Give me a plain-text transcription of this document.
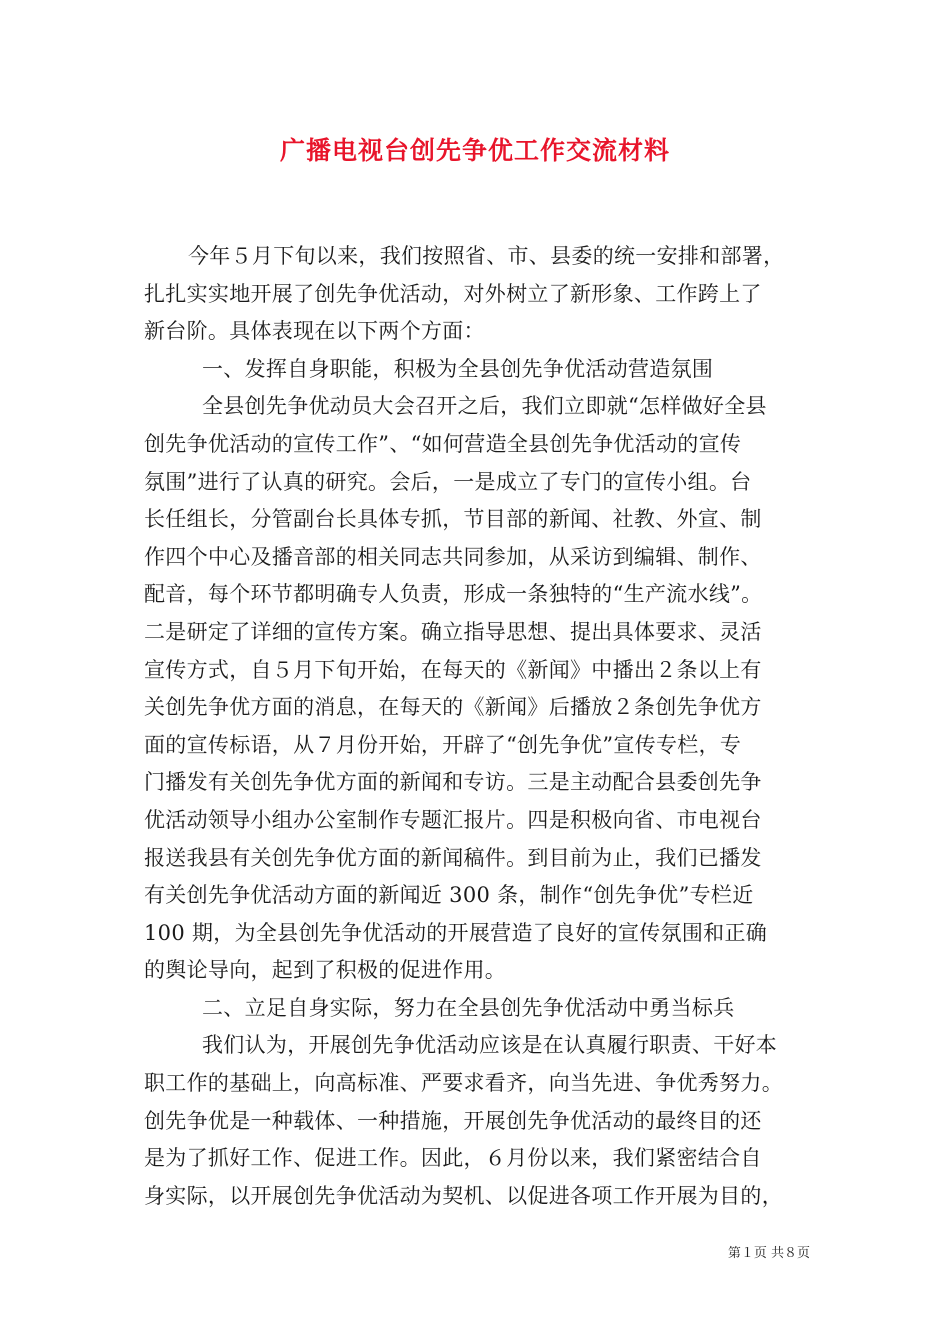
广播电视台创先争优工作交流材料
今年５月下旬以来，我们按照省、市、县委的统一安排和部署，
扎扎实实地开展了创先争优活动，对外树立了新形象、工作跨上了
新台阶。具体表现在以下两个方面：
一、发挥自身职能，积极为全县创先争优活动营造氛围
全县创先争优动员大会召开之后，我们立即就“怎样做好全县
创先争优活动的宣传工作”、“如何营造全县创先争优活动的宣传
氛围”进行了认真的研究。会后，一是成立了专门的宣传小组。台
长任组长，分管副台长具体专抓，节目部的新闻、社教、外宣、制
作四个中心及播音部的相关同志共同参加，从采访到编辑、制作、
配音，每个环节都明确专人负责，形成一条独特的“生产流水线”。
二是研定了详细的宣传方案。确立指导思想、提出具体要求、灵活
宣传方式，自５月下旬开始，在每天的《新闻》中播出２条以上有
关创先争优方面的消息，在每天的《新闻》后播放２条创先争优方
面的宣传标语，从７月份开始，开辟了“创先争优”宣传专栏，专
门播发有关创先争优方面的新闻和专访。三是主动配合县委创先争
优活动领导小组办公室制作专题汇报片。四是积极向省、市电视台
报送我县有关创先争优方面的新闻稿件。到目前为止，我们已播发
有关创先争优活动方面的新闻近 300 条，制作“创先争优”专栏近
100 期，为全县创先争优活动的开展营造了良好的宣传氛围和正确
的舆论导向，起到了积极的促进作用。
二、立足自身实际，努力在全县创先争优活动中勇当标兵
我们认为，开展创先争优活动应该是在认真履行职责、干好本
职工作的基础上，向高标准、严要求看齐，向当先进、争优秀努力。
创先争优是一种载体、一种措施，开展创先争优活动的最终目的还
是为了抓好工作、促进工作。因此，６月份以来，我们紧密结合自
身实际，以开展创先争优活动为契机、以促进各项工作开展为目的，
第１页 共８页
